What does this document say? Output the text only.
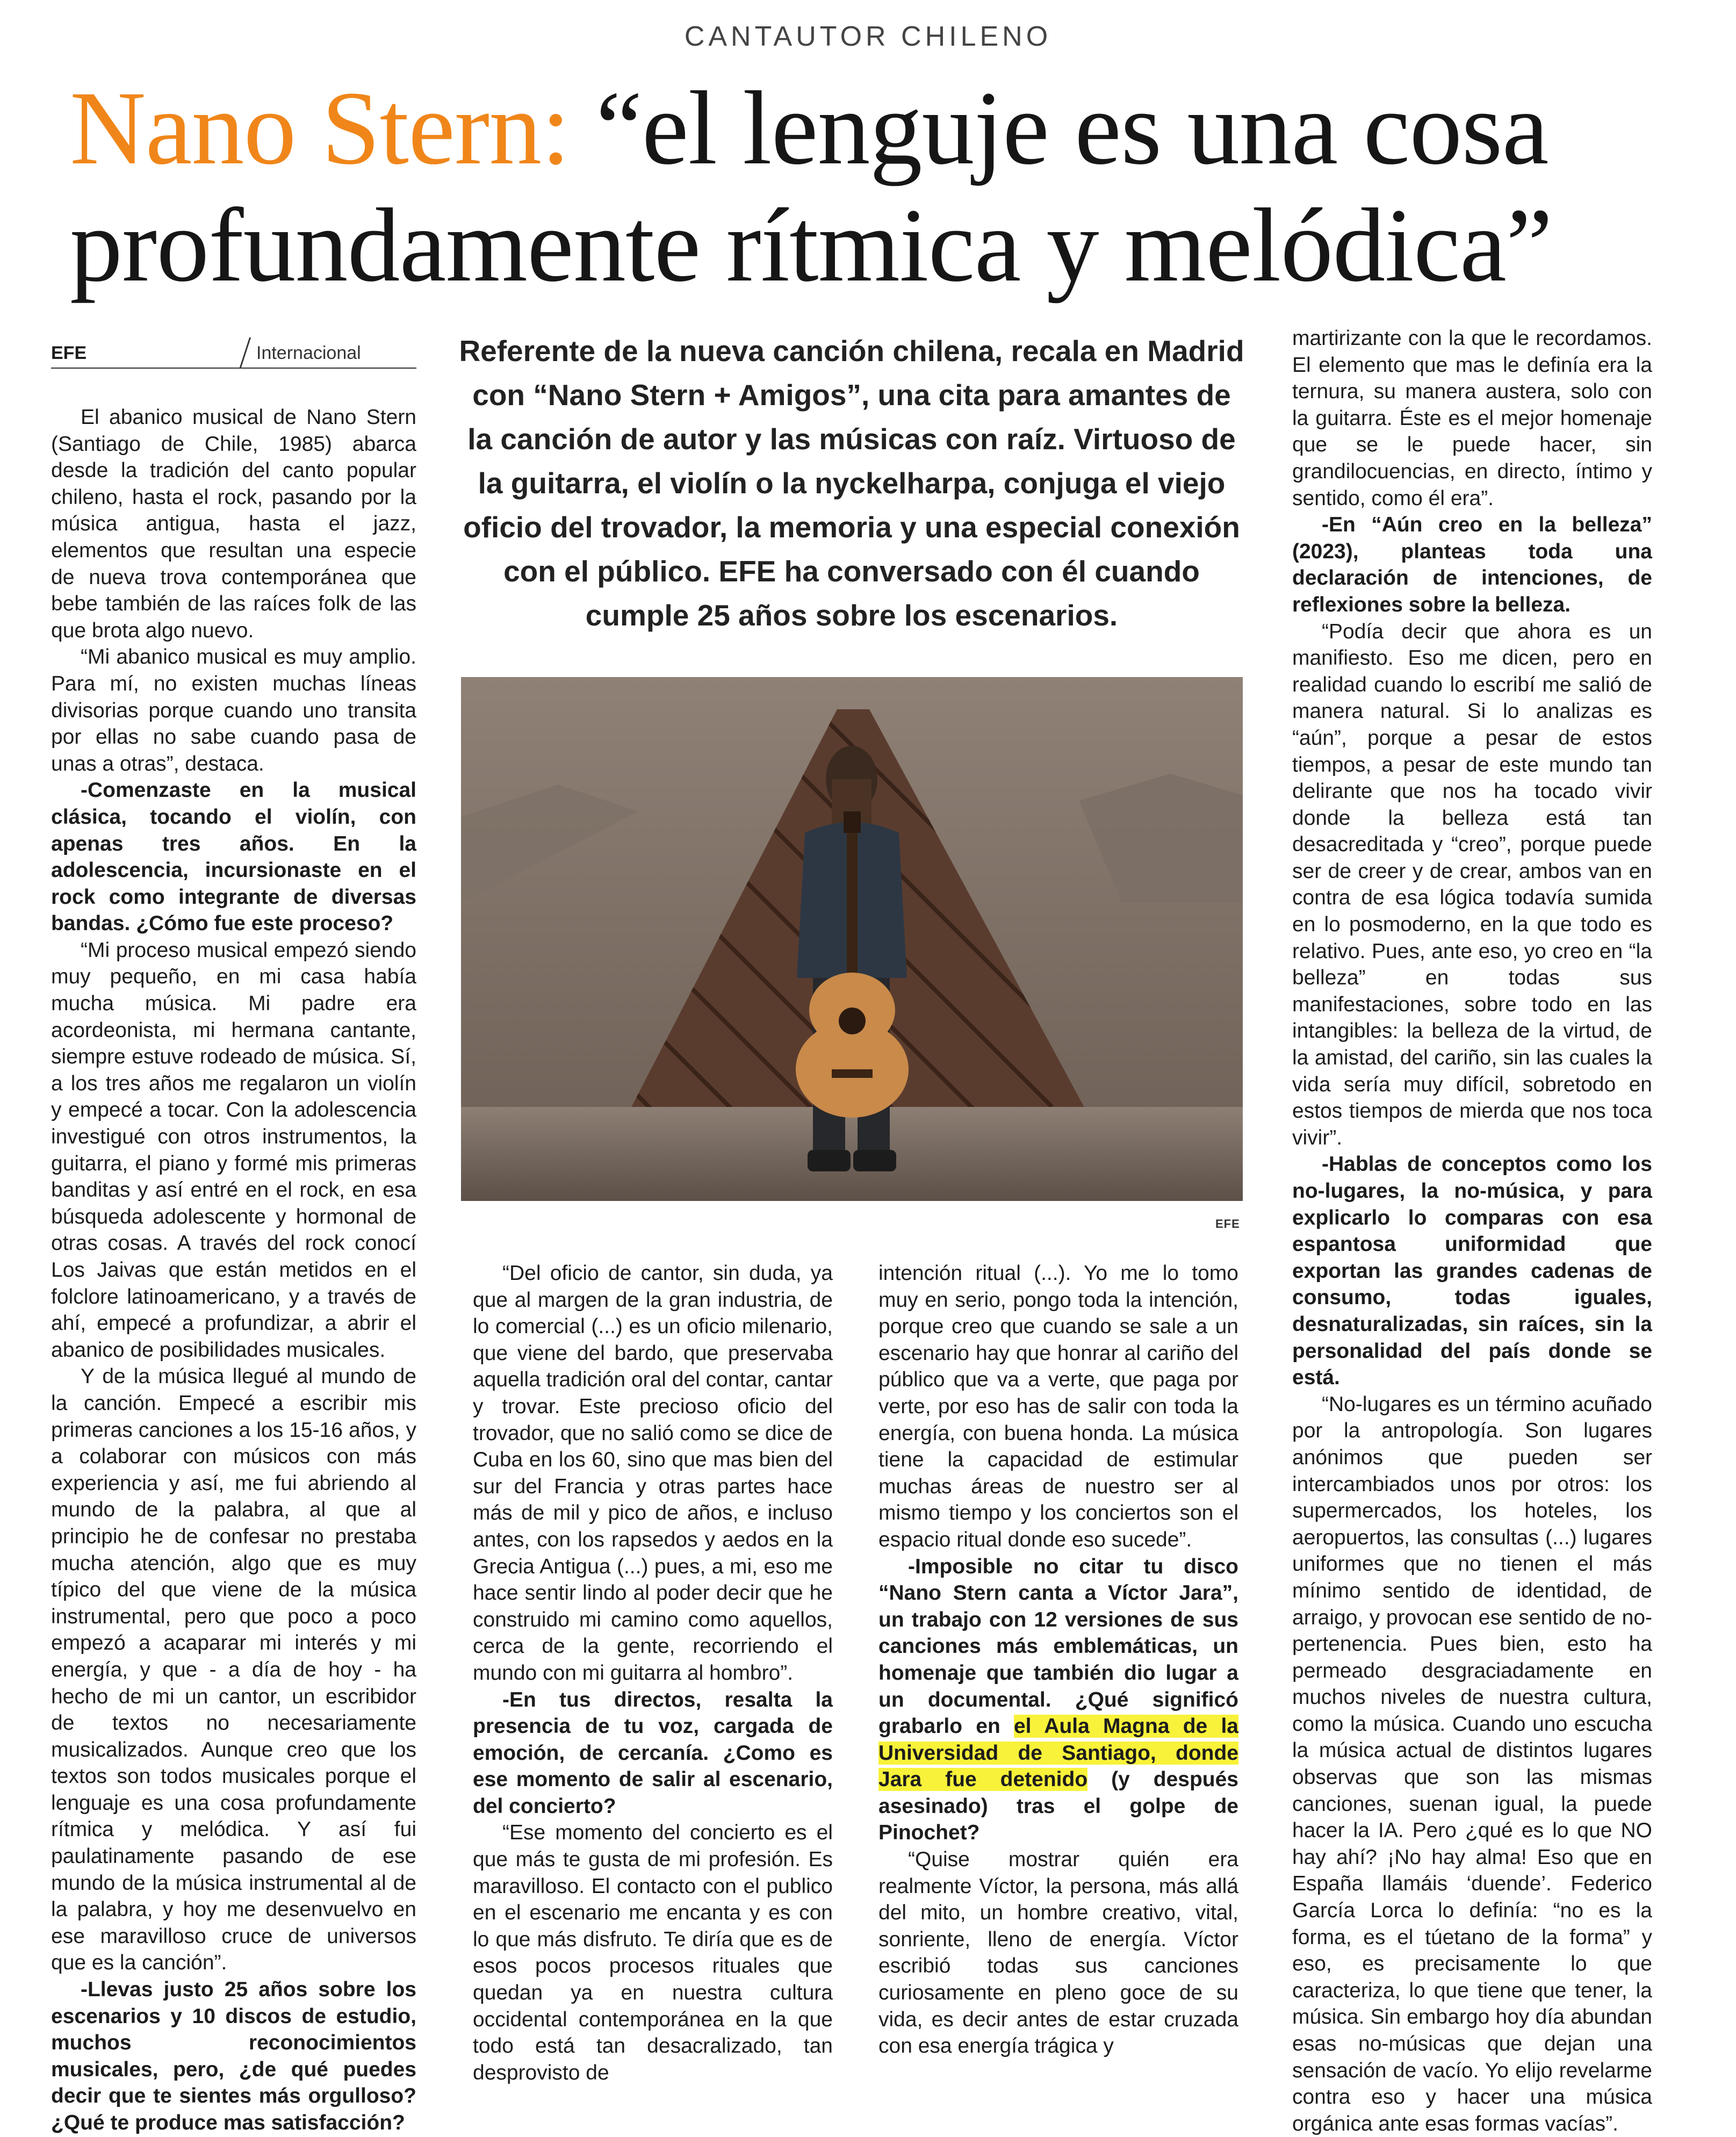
CANTAUTOR CHILENO
Nano Stern: “el lenguje es una cosa
profundamente rítmica y melódica”
EFE	Internacional	Referente de la nueva canción chilena, recala en Madrid con “Nano Stern + Amigos”, una cita para amantes de la canción de autor y las músicas con raíz. Virtuoso de la guitarra, el violín o la nyckelharpa, conjuga el viejo oficio del trovador, la memoria y una especial conexión con el público. EFE ha conversado con él cuando cumple 25 años sobre los escenarios.
EFE

El abanico musical de Nano Stern (Santiago de Chile, 1985) abarca desde la tradición del canto popular chileno, hasta el rock, pasando por la música antigua, hasta el jazz, elementos que resultan una especie de nueva trova contemporánea que bebe también de las raíces folk de las que brota algo nuevo.

“Mi abanico musical es muy amplio. Para mí, no existen muchas líneas divisorias porque cuando uno transita por ellas no sabe cuando pasa de unas a otras”, destaca.

-Comenzaste en la musical clásica, tocando el violín, con apenas tres años. En la adolescencia, incursionaste en el rock como integrante de diversas bandas. ¿Cómo fue este proceso?

“Mi proceso musical empezó siendo muy pequeño, en mi casa había mucha música. Mi padre era acordeonista, mi hermana cantante, siempre estuve rodeado de música. Sí, a los tres años me regalaron un violín y empecé a tocar. Con la adolescencia investigué con otros instrumentos, la guitarra, el piano y formé mis primeras banditas y así entré en el rock, en esa búsqueda adolescente y hormonal de otras cosas. A través del rock conocí Los Jaivas que están metidos en el folclore latinoamericano, y a través de ahí, empecé a profundizar, a abrir el abanico de posibilidades musicales.

Y de la música llegué al mundo de la canción. Empecé a escribir mis primeras canciones a los 15-16 años, y a colaborar con músicos con más experiencia y así, me fui abriendo al mundo de la palabra, al que al principio he de confesar no prestaba mucha atención, algo que es muy típico del que viene de la música instrumental, pero que poco a poco empezó a acaparar mi interés y mi energía, y que - a día de hoy - ha hecho de mi un cantor, un escribidor de textos no necesariamente musicalizados. Aunque creo que los textos son todos musicales porque el lenguaje es una cosa profundamente rítmica y melódica. Y así fui paulatinamente pasando de ese mundo de la música instrumental al de la palabra, y hoy me desenvuelvo en ese maravilloso cruce de universos que es la canción”.

-Llevas justo 25 años sobre los escenarios y 10 discos de estudio, muchos reconocimientos musicales, pero, ¿de qué puedes decir que te sientes más orgulloso? ¿Qué te produce mas satisfacción?

“Del oficio de cantor, sin duda, ya que al margen de la gran industria, de lo comercial (...) es un oficio milenario, que viene del bardo, que preservaba aquella tradición oral del contar, cantar y trovar. Este precioso oficio del trovador, que no salió como se dice de Cuba en los 60, sino que mas bien del sur del Francia y otras partes hace más de mil y pico de años, e incluso antes, con los rapsedos y aedos en la Grecia Antigua (...) pues, a mi, eso me hace sentir lindo al poder decir que he construido mi camino como aquellos, cerca de la gente, recorriendo el mundo con mi guitarra al hombro”.

-En tus directos, resalta la presencia de tu voz, cargada de emoción, de cercanía. ¿Como es ese momento de salir al escenario, del concierto?

“Ese momento del concierto es el que más te gusta de mi profesión. Es maravilloso. El contacto con el publico en el escenario me encanta y es con lo que más disfruto. Te diría que es de esos pocos procesos rituales que quedan ya en nuestra cultura occidental contemporánea en la que todo está tan desacralizado, tan desprovisto de

intención ritual (...). Yo me lo tomo muy en serio, pongo toda la intención, porque creo que cuando se sale a un escenario hay que honrar al cariño del público que va a verte, que paga por verte, por eso has de salir con toda la energía, con buena honda. La música tiene la capacidad de estimular muchas áreas de nuestro ser al mismo tiempo y los conciertos son el espacio ritual donde eso sucede”.

-Imposible no citar tu disco “Nano Stern canta a Víctor Jara”, un trabajo con 12 versiones de sus canciones más emblemáticas, un homenaje que también dio lugar a un documental. ¿Qué significó grabarlo en el Aula Magna de la Universidad de Santiago, donde Jara fue detenido (y después asesinado) tras el golpe de Pinochet?

“Quise mostrar quién era realmente Víctor, la persona, más allá del mito, un hombre creativo, vital, sonriente, lleno de energía. Víctor escribió todas sus canciones curiosamente en pleno goce de su vida, es decir antes de estar cruzada con esa energía trágica y

martirizante con la que le recordamos. El elemento que mas le definía era la ternura, su manera austera, solo con la guitarra. Éste es el mejor homenaje que se le puede hacer, sin grandilocuencias, en directo, íntimo y sentido, como él era”.

-En “Aún creo en la belleza” (2023), planteas toda una declaración de intenciones, de reflexiones sobre la belleza.

“Podía decir que ahora es un manifiesto. Eso me dicen, pero en realidad cuando lo escribí me salió de manera natural. Si lo analizas es “aún”, porque a pesar de estos tiempos, a pesar de este mundo tan delirante que nos ha tocado vivir donde la belleza está tan desacreditada y “creo”, porque puede ser de creer y de crear, ambos van en contra de esa lógica todavía sumida en lo posmoderno, en la que todo es relativo. Pues, ante eso, yo creo en “la belleza” en todas sus manifestaciones, sobre todo en las intangibles: la belleza de la virtud, de la amistad, del cariño, sin las cuales la vida sería muy difícil, sobretodo en estos tiempos de mierda que nos toca vivir”.

-Hablas de conceptos como los no-lugares, la no-música, y para explicarlo lo comparas con esa espantosa uniformidad que exportan las grandes cadenas de consumo, todas iguales, desnaturalizadas, sin raíces, sin la personalidad del país donde se está.

“No-lugares es un término acuñado por la antropología. Son lugares anónimos que pueden ser intercambiados unos por otros: los supermercados, los hoteles, los aeropuertos, las consultas (...) lugares uniformes que no tienen el más mínimo sentido de identidad, de arraigo, y provocan ese sentido de no-pertenencia. Pues bien, esto ha permeado desgraciadamente en muchos niveles de nuestra cultura, como la música. Cuando uno escucha la música actual de distintos lugares observas que son las mismas canciones, suenan igual, la puede hacer la IA. Pero ¿qué es lo que NO hay ahí? ¡No hay alma! Eso que en España llamáis ‘duende’. Federico García Lorca lo definía: “no es la forma, es el túetano de la forma” y eso, es precisamente lo que caracteriza, lo que tiene que tener, la música. Sin embargo hoy día abundan esas no-músicas que dejan una sensación de vacío. Yo elijo revelarme contra eso y hacer una música orgánica ante esas formas vacías”.
